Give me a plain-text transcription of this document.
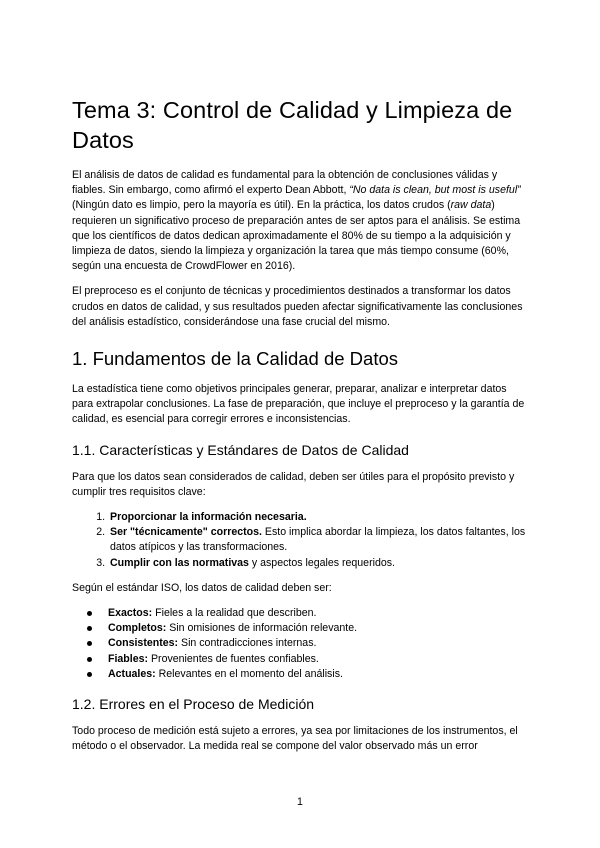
Tema 3: Control de Calidad y Limpieza de Datos

El análisis de datos de calidad es fundamental para la obtención de conclusiones válidas y fiables. Sin embargo, como afirmó el experto Dean Abbott, “No data is clean, but most is useful” (Ningún dato es limpio, pero la mayoría es útil). En la práctica, los datos crudos (raw data) requieren un significativo proceso de preparación antes de ser aptos para el análisis. Se estima que los científicos de datos dedican aproximadamente el 80% de su tiempo a la adquisición y limpieza de datos, siendo la limpieza y organización la tarea que más tiempo consume (60%, según una encuesta de CrowdFlower en 2016).

El preproceso es el conjunto de técnicas y procedimientos destinados a transformar los datos crudos en datos de calidad, y sus resultados pueden afectar significativamente las conclusiones del análisis estadístico, considerándose una fase crucial del mismo.

1. Fundamentos de la Calidad de Datos

La estadística tiene como objetivos principales generar, preparar, analizar e interpretar datos para extrapolar conclusiones. La fase de preparación, que incluye el preproceso y la garantía de calidad, es esencial para corregir errores e inconsistencias.

1.1. Características y Estándares de Datos de Calidad

Para que los datos sean considerados de calidad, deben ser útiles para el propósito previsto y cumplir tres requisitos clave:

1. Proporcionar la información necesaria.
2. Ser "técnicamente" correctos. Esto implica abordar la limpieza, los datos faltantes, los datos atípicos y las transformaciones.
3. Cumplir con las normativas y aspectos legales requeridos.

Según el estándar ISO, los datos de calidad deben ser:

Exactos: Fieles a la realidad que describen.
Completos: Sin omisiones de información relevante.
Consistentes: Sin contradicciones internas.
Fiables: Provenientes de fuentes confiables.
Actuales: Relevantes en el momento del análisis.
1.2. Errores en el Proceso de Medición

Todo proceso de medición está sujeto a errores, ya sea por limitaciones de los instrumentos, el método o el observador. La medida real se compone del valor observado más un error

1
